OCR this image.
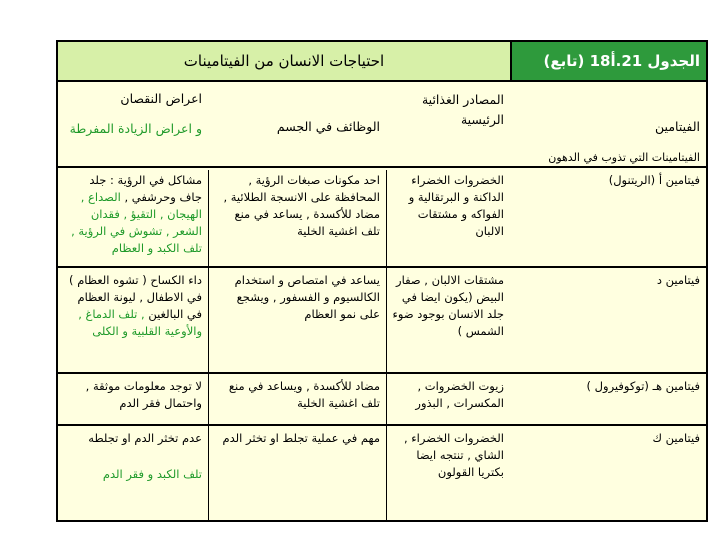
احتياجات الانسان من الفيتامينات	الجدول 21.أ18 (تابع)
الفيتامين
المصادر الغذائية الرئيسية
الوظائف في الجسم
اعراض النقصان
و اعراض الزيادة المفرطة
الفيتامينات التي تذوب في الدهون
فيتامين أ (الريتنول)
الخضروات الخضراء الداكنة و البرتقالية و الفواكه و مشتقات الالبان
احد مكونات صبغات الرؤية , المحافظة على الانسجة الطلائية , مضاد للأكسدة , يساعد في منع تلف اغشية الخلية
مشاكل في الرؤية : جلد جاف وحرشفي , الصداع , الهيجان , التقيؤ , فقدان الشعر , تشوش في الرؤية , تلف الكبد و العظام
فيتامين د
مشتقات الالبان , صفار البيض (يكون ايضا في جلد الانسان بوجود ضوء الشمس )
يساعد في امتصاص و استخدام الكالسيوم و الفسفور , ويشجع على نمو العظام
داء الكساح ( تشوه العظام ) في الاطفال , ليونة العظام في البالغين , تلف الدماغ , والأوعية القلبية و الكلى
فيتامين هـ (توكوفيرول )
زيوت الخضروات , المكسرات , البذور
مضاد للأكسدة , ويساعد في منع تلف اغشية الخلية
لا توجد معلومات موثقة , واحتمال فقر الدم
فيتامين ك
الخضروات الخضراء , الشاي , تنتجه ايضا بكتريا القولون
مهم في عملية تجلط او تخثر الدم
عدم تخثر الدم او تجلطه
تلف الكبد و فقر الدم
